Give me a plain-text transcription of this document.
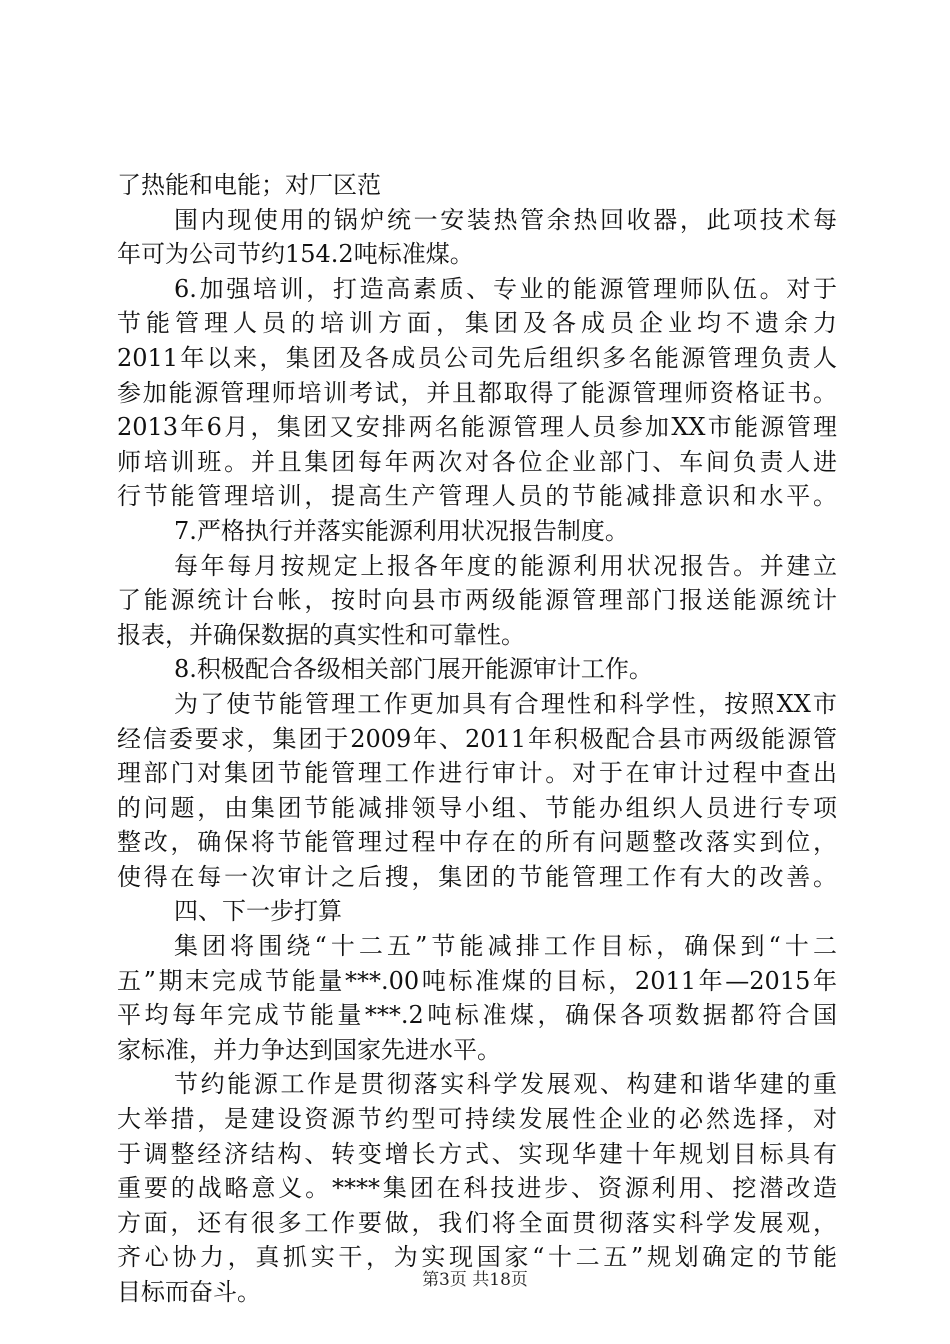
了热能和电能；对厂区范
围内现使用的锅炉统一安装热管余热回收器，此项技术每
年可为公司节约154.2吨标准煤。
6.加强培训，打造高素质、专业的能源管理师队伍。对于
节能管理人员的培训方面，集团及各成员企业均不遗余力
2011年以来，集团及各成员公司先后组织多名能源管理负责人
参加能源管理师培训考试，并且都取得了能源管理师资格证书。
2013年6月，集团又安排两名能源管理人员参加XX市能源管理
师培训班。并且集团每年两次对各位企业部门、车间负责人进
行节能管理培训，提高生产管理人员的节能减排意识和水平。
7.严格执行并落实能源利用状况报告制度。
每年每月按规定上报各年度的能源利用状况报告。并建立
了能源统计台帐，按时向县市两级能源管理部门报送能源统计
报表，并确保数据的真实性和可靠性。
8.积极配合各级相关部门展开能源审计工作。
为了使节能管理工作更加具有合理性和科学性，按照XX市
经信委要求，集团于2009年、2011年积极配合县市两级能源管
理部门对集团节能管理工作进行审计。对于在审计过程中查出
的问题，由集团节能减排领导小组、节能办组织人员进行专项
整改，确保将节能管理过程中存在的所有问题整改落实到位，
使得在每一次审计之后搜，集团的节能管理工作有大的改善。
四、下一步打算
集团将围绕“十二五”节能减排工作目标，确保到“十二
五”期末完成节能量***.00吨标准煤的目标，2011年—2015年
平均每年完成节能量***.2吨标准煤，确保各项数据都符合国
家标准，并力争达到国家先进水平。
节约能源工作是贯彻落实科学发展观、构建和谐华建的重
大举措，是建设资源节约型可持续发展性企业的必然选择，对
于调整经济结构、转变增长方式、实现华建十年规划目标具有
重要的战略意义。****集团在科技进步、资源利用、挖潜改造
方面，还有很多工作要做，我们将全面贯彻落实科学发展观，
齐心协力，真抓实干，为实现国家“十二五”规划确定的节能
目标而奋斗。	第3页 共18页
